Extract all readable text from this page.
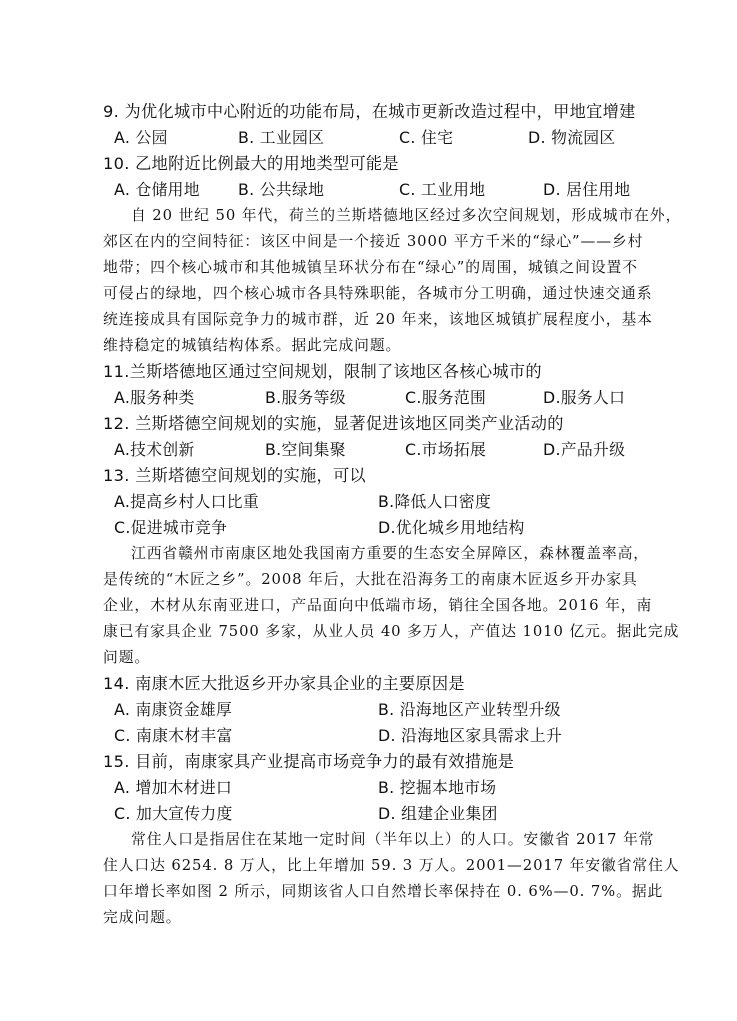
9. 为优化城市中心附近的功能布局，在城市更新改造过程中，甲地宜增建
A. 公园	B. 工业园区	C. 住宅	D. 物流园区
10. 乙地附近比例最大的用地类型可能是
A. 仓储用地 B. 公共绿地	C. 工业用地	D. 居住用地
自 20 世纪 50 年代，荷兰的兰斯塔德地区经过多次空间规划，形成城市在外，
郊区在内的空间特征：该区中间是一个接近 3000 平方千米的“绿心”——乡村
地带；四个核心城市和其他城镇呈环状分布在“绿心”的周围，城镇之间设置不
可侵占的绿地，四个核心城市各具特殊职能，各城市分工明确，通过快速交通系
统连接成具有国际竞争力的城市群，近 20 年来，该地区城镇扩展程度小，基本
维持稳定的城镇结构体系。据此完成问题。
11.兰斯塔德地区通过空间规划，限制了该地区各核心城市的
A.服务种类	B.服务等级	C.服务范围	D.服务人口
12. 兰斯塔德空间规划的实施，显著促进该地区同类产业活动的
A.技术创新	B.空间集聚	C.市场拓展	D.产品升级
13. 兰斯塔德空间规划的实施，可以
A.提高乡村人口比重	B.降低人口密度
C.促进城市竞争	D.优化城乡用地结构
江西省赣州市南康区地处我国南方重要的生态安全屏障区，森林覆盖率高，
是传统的“木匠之乡”。2008 年后，大批在沿海务工的南康木匠返乡开办家具
企业，木材从东南亚进口，产品面向中低端市场，销往全国各地。2016 年，南
康已有家具企业 7500 多家，从业人员 40 多万人，产值达 1010 亿元。据此完成
问题。
14. 南康木匠大批返乡开办家具企业的主要原因是
A. 南康资金雄厚	B. 沿海地区产业转型升级
C. 南康木材丰富	D. 沿海地区家具需求上升
15. 目前，南康家具产业提高市场竞争力的最有效措施是
A. 增加木材进口	B. 挖掘本地市场
C. 加大宣传力度	D. 组建企业集团
常住人口是指居住在某地一定时间（半年以上）的人口。安徽省 2017 年常
住人口达 6254. 8 万人，比上年增加 59. 3 万人。2001—2017 年安徽省常住人
口年增长率如图 2 所示，同期该省人口自然增长率保持在 0. 6%—0. 7%。据此
完成问题。
